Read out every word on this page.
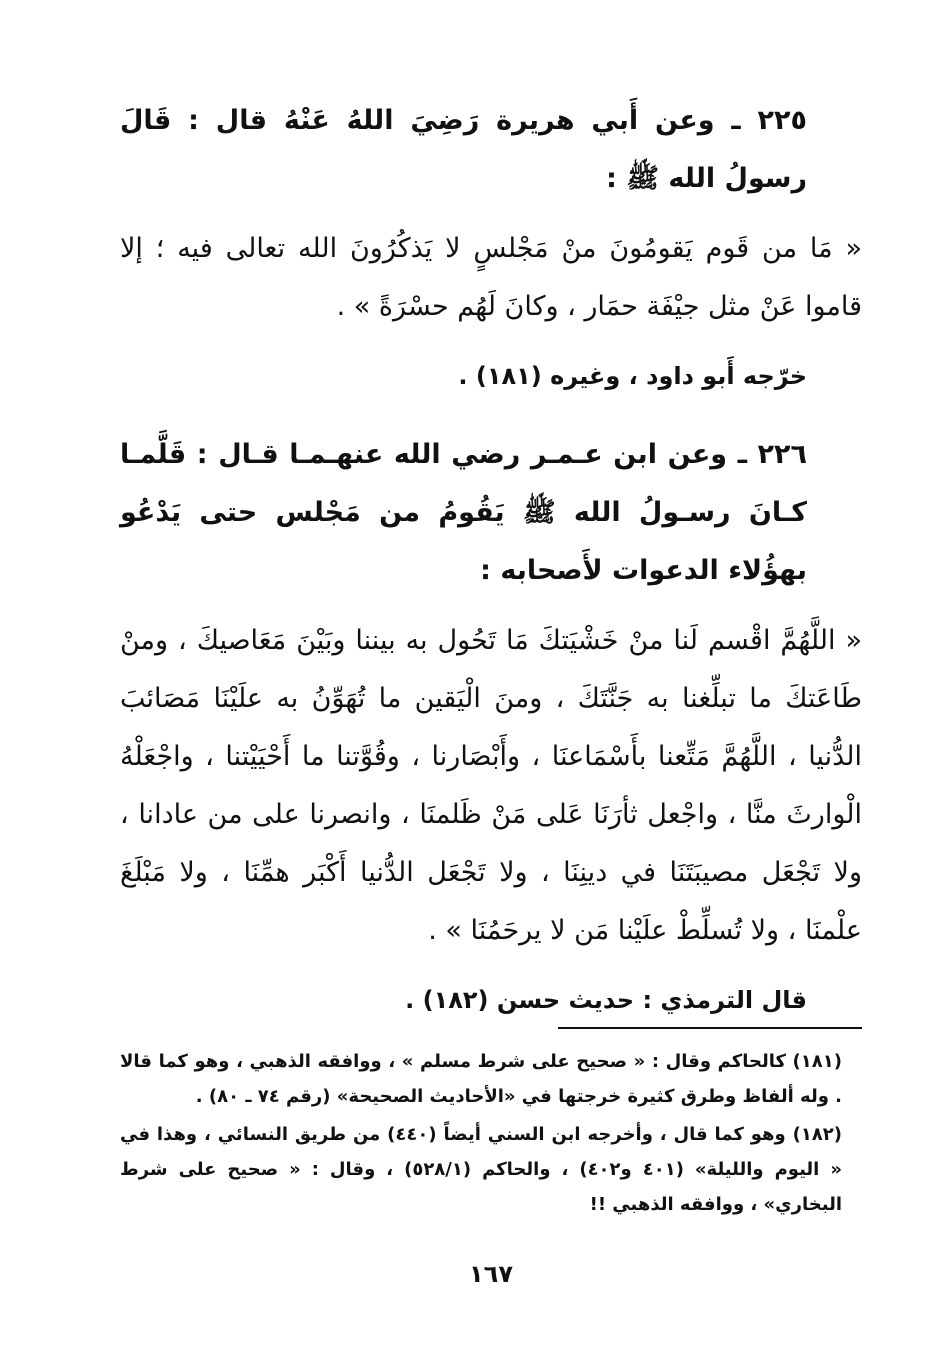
٢٢٥ ـ وعن أَبي هريرة رَضِيَ اللهُ عَنْهُ قال : قَالَ رسولُ الله ﷺ :

« مَا من قَوم يَقومُونَ منْ مَجْلسٍ لا يَذكُرُونَ الله تعالى فيه ؛ إلا قاموا عَنْ مثل جيْفَة حمَار ، وكانَ لَهُم حسْرَةً » .

خرّجه أَبو داود ، وغيره (١٨١) .

٢٢٦ ـ وعن ابن عـمـر رضي الله عنهـمـا قـال : قَلَّمـا كـانَ رسـولُ الله ﷺ يَقُومُ من مَجْلس حتى يَدْعُو بهؤُلاء الدعوات لأَصحابه :

« اللَّهُمَّ اقْسم لَنا منْ خَشْيَتكَ مَا تَحُول به بيننا وبَيْنَ مَعَاصيكَ ، ومنْ طَاعَتكَ ما تبلِّغنا به جَنَّتَكَ ، ومنَ الْيَقين ما تُهَوِّنُ به علَيْنَا مَصَائبَ الدُّنيا ، اللَّهُمَّ مَتِّعنا بأَسْمَاعنَا ، وأَبْصَارنا ، وقُوَّتنا ما أَحْيَيْتنا ، واجْعَلْهُ الْوارثَ منَّا ، واجْعل ثأرَنَا عَلى مَنْ ظَلمنَا ، وانصرنا على من عادانا ، ولا تَجْعَل مصيبَتَنَا في دينِنَا ، ولا تَجْعَل الدُّنيا أَكْبَر همِّنَا ، ولا مَبْلَغَ علْمنَا ، ولا تُسلِّطْ علَيْنا مَن لا يرحَمُنَا » .

قال الترمذي : حديث حسن (١٨٢) .

(١٨١) كالحاكم وقال : « صحيح على شرط مسلم » ، ووافقه الذهبي ، وهو كما قالا . وله ألفاظ وطرق كثيرة خرجتها في «الأحاديث الصحيحة» (رقم ٧٤ ـ ٨٠) .

(١٨٢) وهو كما قال ، وأخرجه ابن السني أيضاً (٤٤٠) من طريق النسائي ، وهذا في « اليوم والليلة» (٤٠١ و٤٠٢) ، والحاكم (٥٢٨/١) ، وقال : « صحيح على شرط البخاري» ، ووافقه الذهبي !!

١٦٧
